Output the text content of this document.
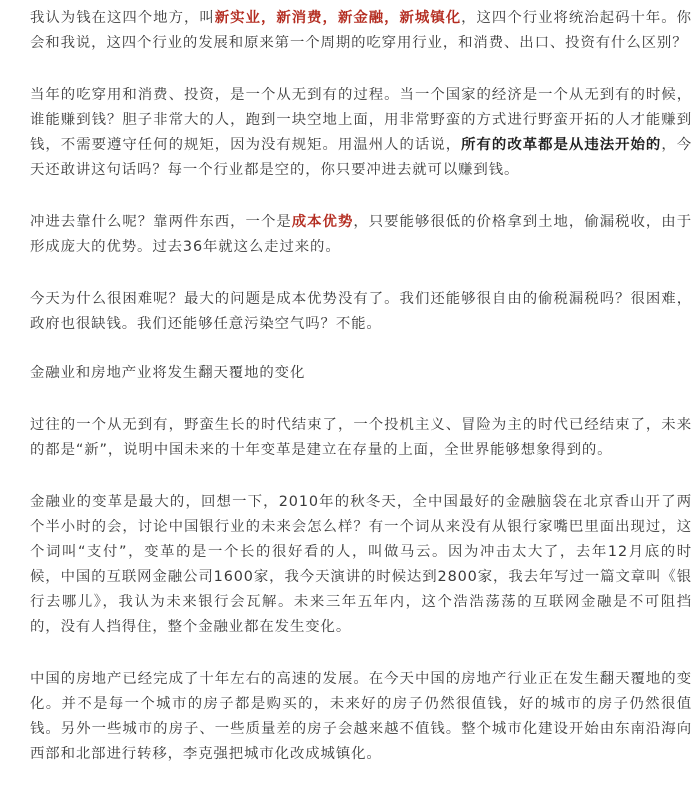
我认为钱在这四个地方，叫新实业，新消费，新金融，新城镇化，这四个行业将统治起码十年。你会和我说，这四个行业的发展和原来第一个周期的吃穿用行业，和消费、出口、投资有什么区别？

当年的吃穿用和消费、投资，是一个从无到有的过程。当一个国家的经济是一个从无到有的时候，谁能赚到钱？胆子非常大的人，跑到一块空地上面，用非常野蛮的方式进行野蛮开拓的人才能赚到钱，不需要遵守任何的规矩，因为没有规矩。用温州人的话说，所有的改革都是从违法开始的，今天还敢讲这句话吗？每一个行业都是空的，你只要冲进去就可以赚到钱。

冲进去靠什么呢？靠两件东西，一个是成本优势，只要能够很低的价格拿到土地，偷漏税收，由于形成庞大的优势。过去36年就这么走过来的。

今天为什么很困难呢？最大的问题是成本优势没有了。我们还能够很自由的偷税漏税吗？很困难，政府也很缺钱。我们还能够任意污染空气吗？不能。

金融业和房地产业将发生翻天覆地的变化

过往的一个从无到有，野蛮生长的时代结束了，一个投机主义、冒险为主的时代已经结束了，未来的都是“新”，说明中国未来的十年变革是建立在存量的上面，全世界能够想象得到的。

金融业的变革是最大的，回想一下，2010年的秋冬天，全中国最好的金融脑袋在北京香山开了两个半小时的会，讨论中国银行业的未来会怎么样？有一个词从来没有从银行家嘴巴里面出现过，这个词叫“支付”，变革的是一个长的很好看的人，叫做马云。因为冲击太大了，去年12月底的时候，中国的互联网金融公司1600家，我今天演讲的时候达到2800家，我去年写过一篇文章叫《银行去哪儿》，我认为未来银行会瓦解。未来三年五年内，这个浩浩荡荡的互联网金融是不可阻挡的，没有人挡得住，整个金融业都在发生变化。

中国的房地产已经完成了十年左右的高速的发展。在今天中国的房地产行业正在发生翻天覆地的变化。并不是每一个城市的房子都是购买的，未来好的房子仍然很值钱，好的城市的房子仍然很值钱。另外一些城市的房子、一些质量差的房子会越来越不值钱。整个城市化建设开始由东南沿海向西部和北部进行转移，李克强把城市化改成城镇化。
